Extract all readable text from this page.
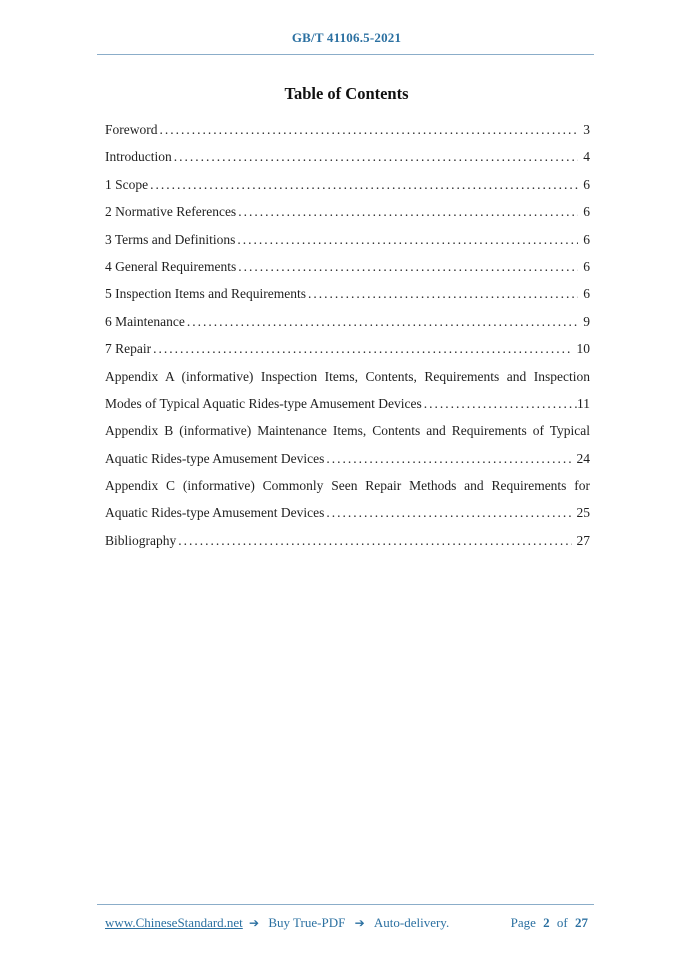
GB/T 41106.5-2021
Table of Contents
Foreword .....	3
Introduction .....	4
1 Scope .....	6
2 Normative References .....	6
3 Terms and Definitions .....	6
4 General Requirements .....	6
5 Inspection Items and Requirements .....	6
6 Maintenance .....	9
7 Repair .....	10
Appendix A (informative) Inspection Items, Contents, Requirements and Inspection
Modes of Typical Aquatic Rides-type Amusement Devices .....	11
Appendix B (informative) Maintenance Items, Contents and Requirements of Typical
Aquatic Rides-type Amusement Devices .....	24
Appendix C (informative) Commonly Seen Repair Methods and Requirements for
Aquatic Rides-type Amusement Devices .....	25
Bibliography .....	27
www.ChineseStandard.net ➔ Buy True-PDF ➔ Auto-delivery.	Page 2 of 27
